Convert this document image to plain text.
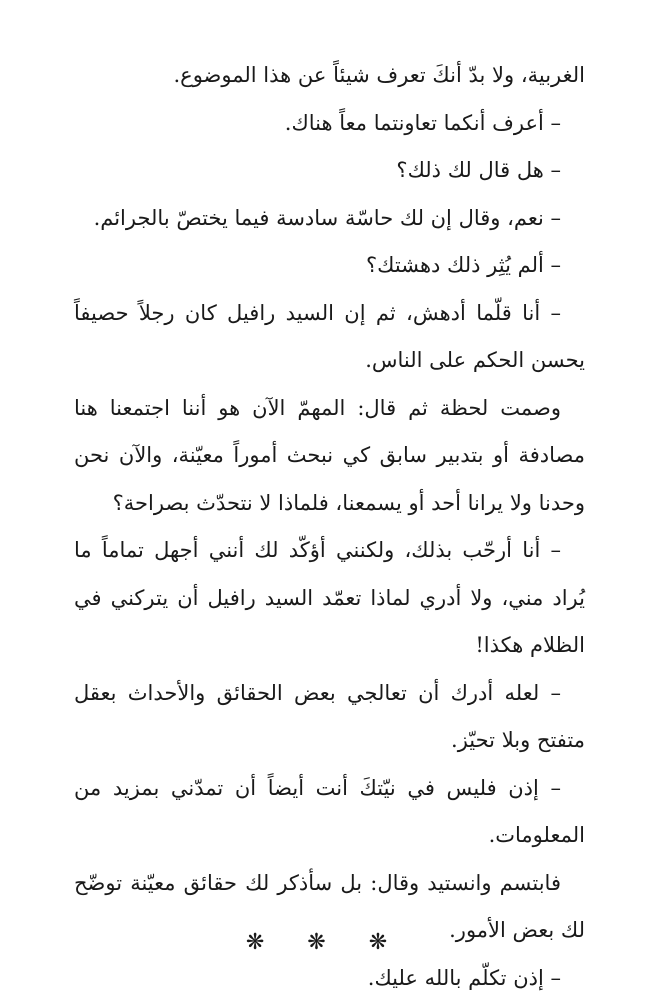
الغربية، ولا بدّ أنكَ تعرف شيئاً عن هذا الموضوع.

– أعرف أنكما تعاونتما معاً هناك.

– هل قال لك ذلك؟

– نعم، وقال إن لك حاسّة سادسة فيما يختصّ بالجرائم.

– ألم يُثِر ذلك دهشتك؟

– أنا قلّما أدهش، ثم إن السيد رافيل كان رجلاً حصيفاً يحسن الحكم على الناس.

وصمت لحظة ثم قال: المهمّ الآن هو أننا اجتمعنا هنا مصادفة أو بتدبير سابق كي نبحث أموراً معيّنة، والآن نحن وحدنا ولا يرانا أحد أو يسمعنا، فلماذا لا نتحدّث بصراحة؟

– أنا أرحّب بذلك، ولكنني أؤكّد لك أنني أجهل تماماً ما يُراد مني، ولا أدري لماذا تعمّد السيد رافيل أن يتركني في الظلام هكذا!

– لعله أدرك أن تعالجي بعض الحقائق والأحداث بعقل متفتح وبلا تحيّز.

– إذن فليس في نيّتكَ أنت أيضاً أن تمدّني بمزيد من المعلومات.

فابتسم وانستيد وقال: بل سأذكر لك حقائق معيّنة توضّح لك بعض الأمور.

– إذن تكلّم بالله عليك.

❋ ❋ ❋
